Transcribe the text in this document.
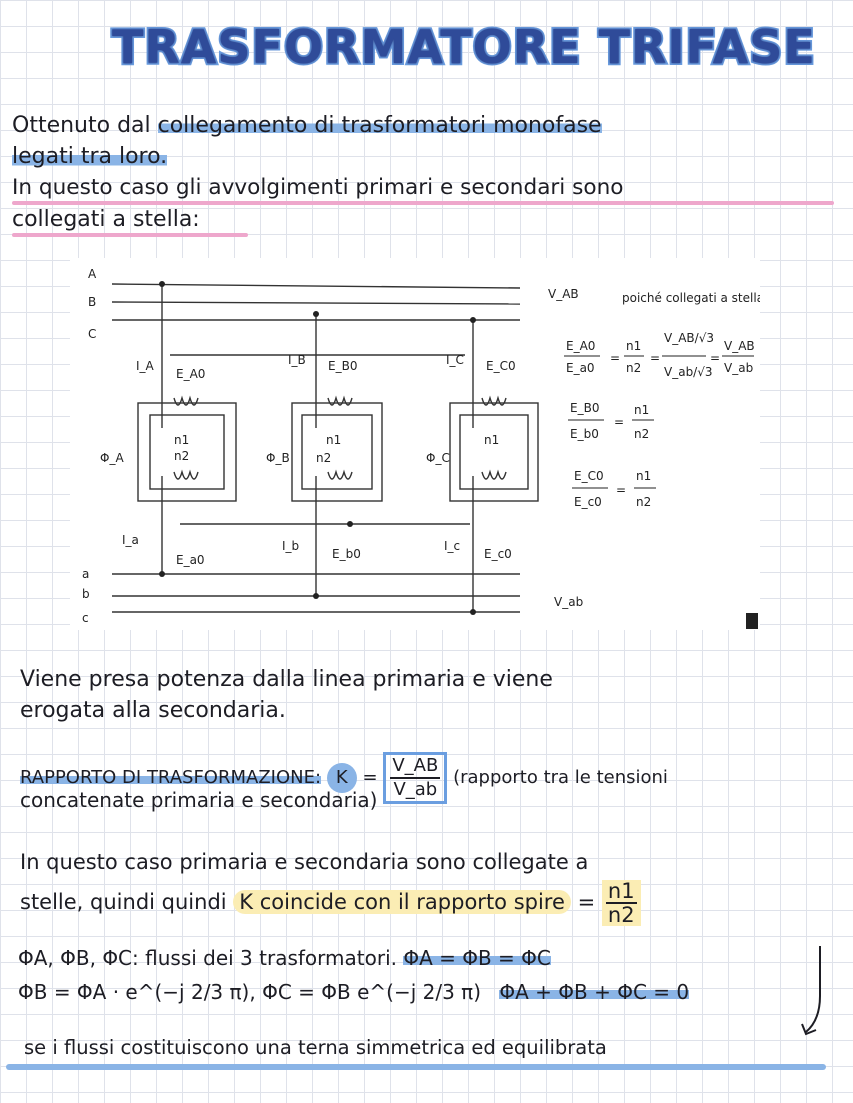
TRASFORMATORE TRIFASE
Ottenuto dal collegamento di trasformatori monofase
legati tra loro.
In questo caso gli avvolgimenti primari e secondari sono
collegati a stella:
A
B
C
a
b
c
I_A
E_A0
I_B E_B0	I_C E_C0
I_a
E_a0
I_b
E_b0
I_c
E_c0
Φ_A	Φ_B	Φ_C
n1
n2
n1
n2
n1
V_AB
V_ab
poiché collegati a stella
E_A0
E_a0
=
n1
n2
=
V_AB/√3
V_ab/√3
=
V_AB
V_ab
E_B0
E_b0
=
n1
n2
E_C0
E_c0
=
n1
n2
Viene presa potenza dalla linea primaria e viene
erogata alla secondaria.
RAPPORTO DI TRASFORMAZIONE: $K = \frac{V\_AB}{V\_ab}$ (rapporto tra le tensioni
concatenate primaria e secondaria)
In questo caso primaria e secondaria sono collegate a
stelle, quindi quindi K coincide con il rapporto spire = $\frac{n1}{n2}$
ΦA, ΦB, ΦC: flussi dei 3 trasformatori. ΦA = ΦB = ΦC
ΦB = ΦA · e^(−j 2/3 π), ΦC = ΦB e^(−j 2/3 π) ΦA + ΦB + ΦC = 0
se i flussi costituiscono una terna simmetrica ed equilibrata
